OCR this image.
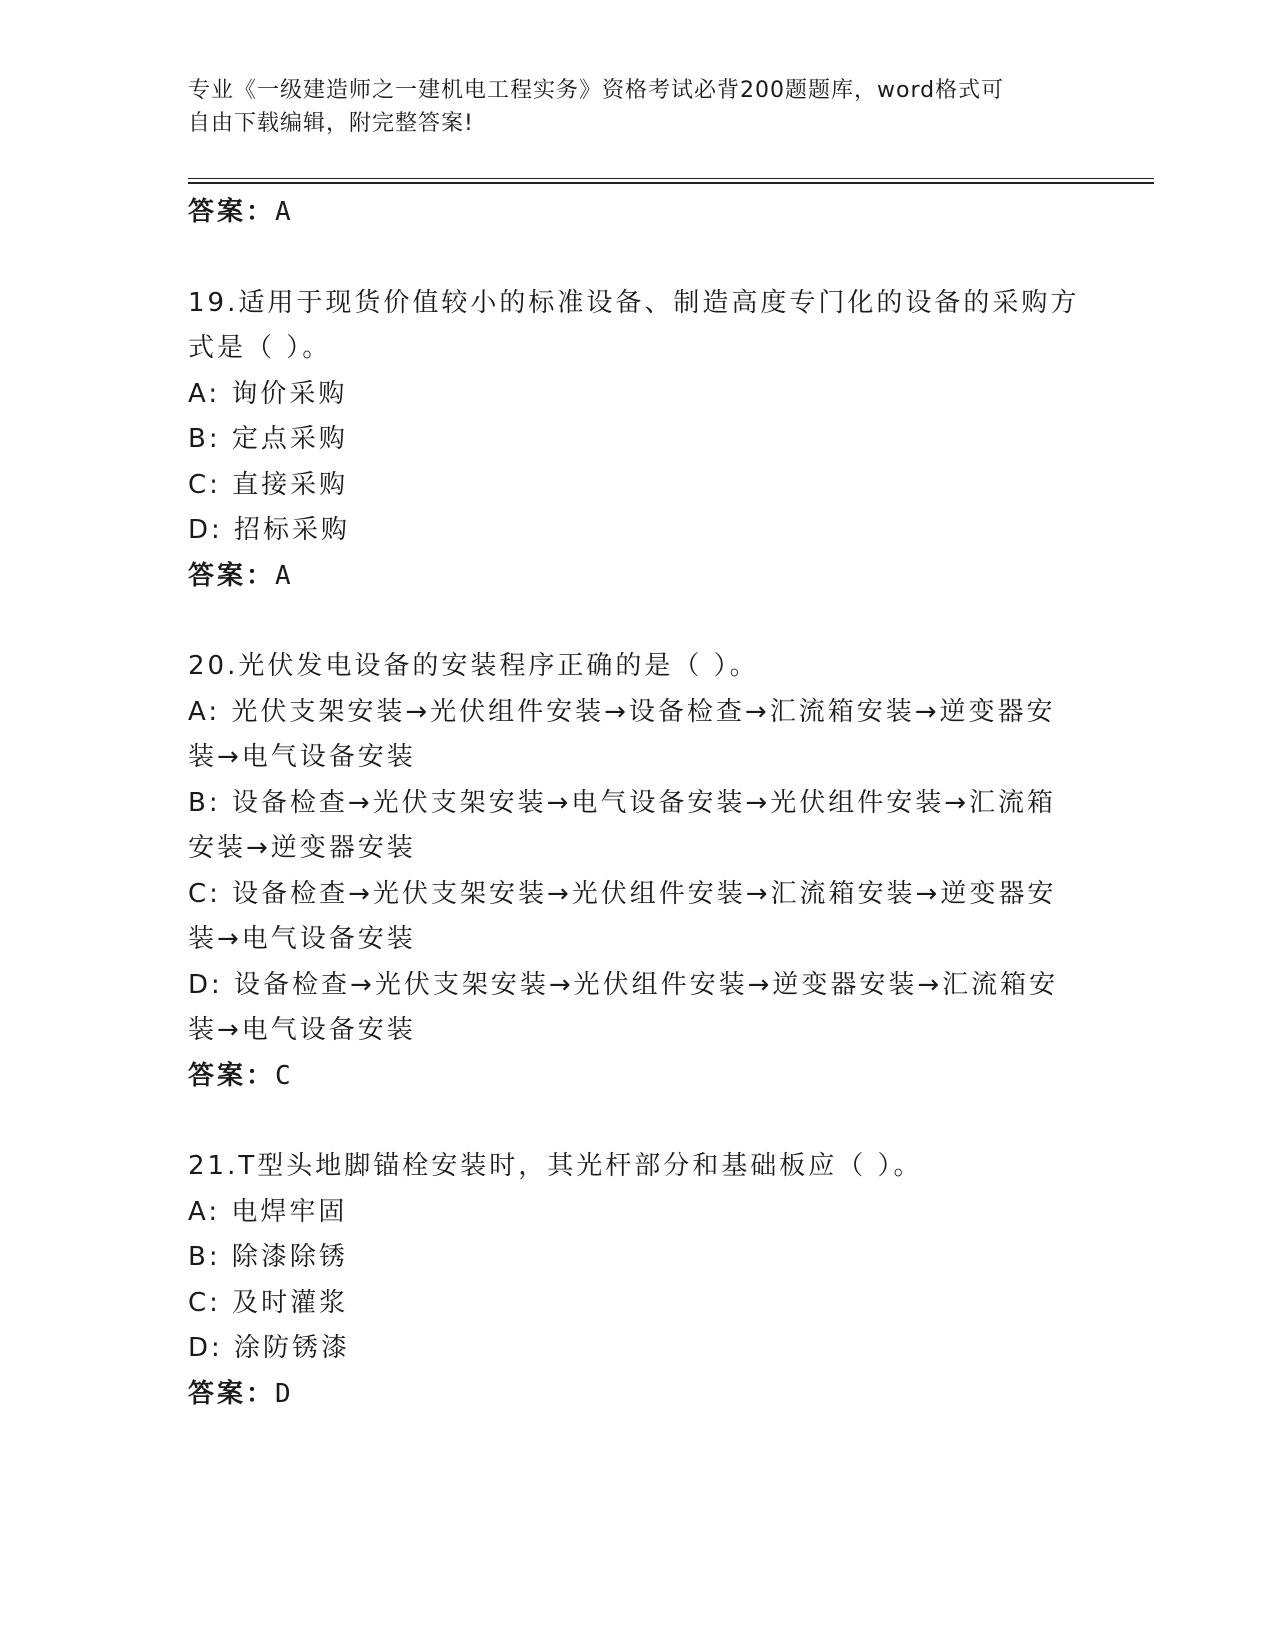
专业《一级建造师之一建机电工程实务》资格考试必背200题题库，word格式可
自由下载编辑，附完整答案!
答案：A
19.适用于现货价值较小的标准设备、制造高度专门化的设备的采购方
式是（ ）。
A: 询价采购
B: 定点采购
C: 直接采购
D: 招标采购
答案：A
20.光伏发电设备的安装程序正确的是（ ）。
A: 光伏支架安装→光伏组件安装→设备检查→汇流箱安装→逆变器安
装→电气设备安装
B: 设备检查→光伏支架安装→电气设备安装→光伏组件安装→汇流箱
安装→逆变器安装
C: 设备检查→光伏支架安装→光伏组件安装→汇流箱安装→逆变器安
装→电气设备安装
D: 设备检查→光伏支架安装→光伏组件安装→逆变器安装→汇流箱安
装→电气设备安装
答案：C
21.T型头地脚锚栓安装时，其光杆部分和基础板应（ ）。
A: 电焊牢固
B: 除漆除锈
C: 及时灌浆
D: 涂防锈漆
答案：D
